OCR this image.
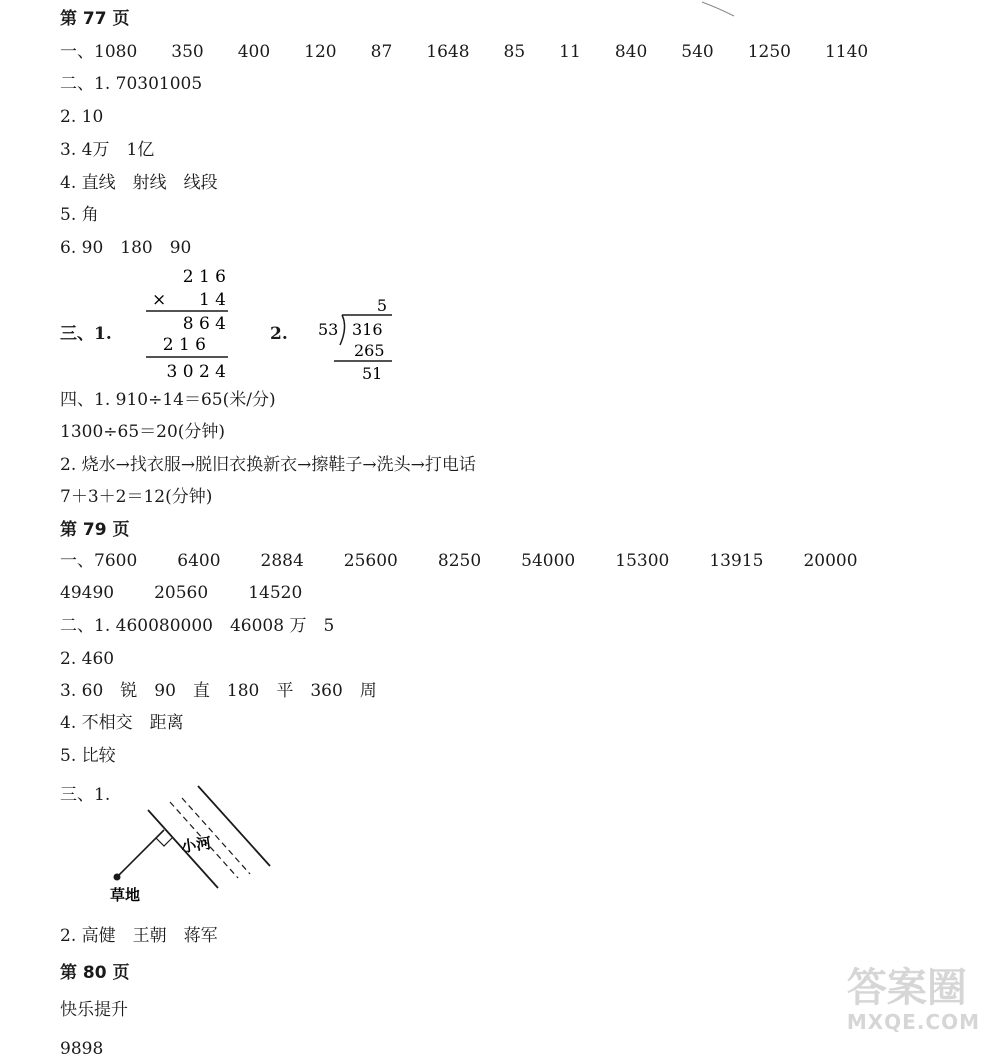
第 77 页
一、1080 350 400 120 87 1648 85 11 840 540 1250 1140
二、1. 70301005
2. 10
3. 4万　1亿
4. 直线　射线　线段
5. 角
6. 90　180　90
三、1.	2.
2 1 6
× 1 4
8 6 4
2 1 6
3 0 2 4
5
53 316
265
51
四、1. 910÷14＝65(米/分)
1300÷65＝20(分钟)
2. 烧水→找衣服→脱旧衣换新衣→擦鞋子→洗头→打电话
7＋3＋2＝12(分钟)
第 79 页
一、7600 6400 2884 25600 8250 54000 15300 13915 20000
49490 20560 14520
二、1. 460080000　46008 万　5
2. 460
3. 60　锐　90　直　180　平　360　周
4. 不相交　距离
5. 比较
三、1.
小河
草地
2. 高健　王朝　蒋军
第 80 页
快乐提升
9898
答案圈
MXQE.COM
